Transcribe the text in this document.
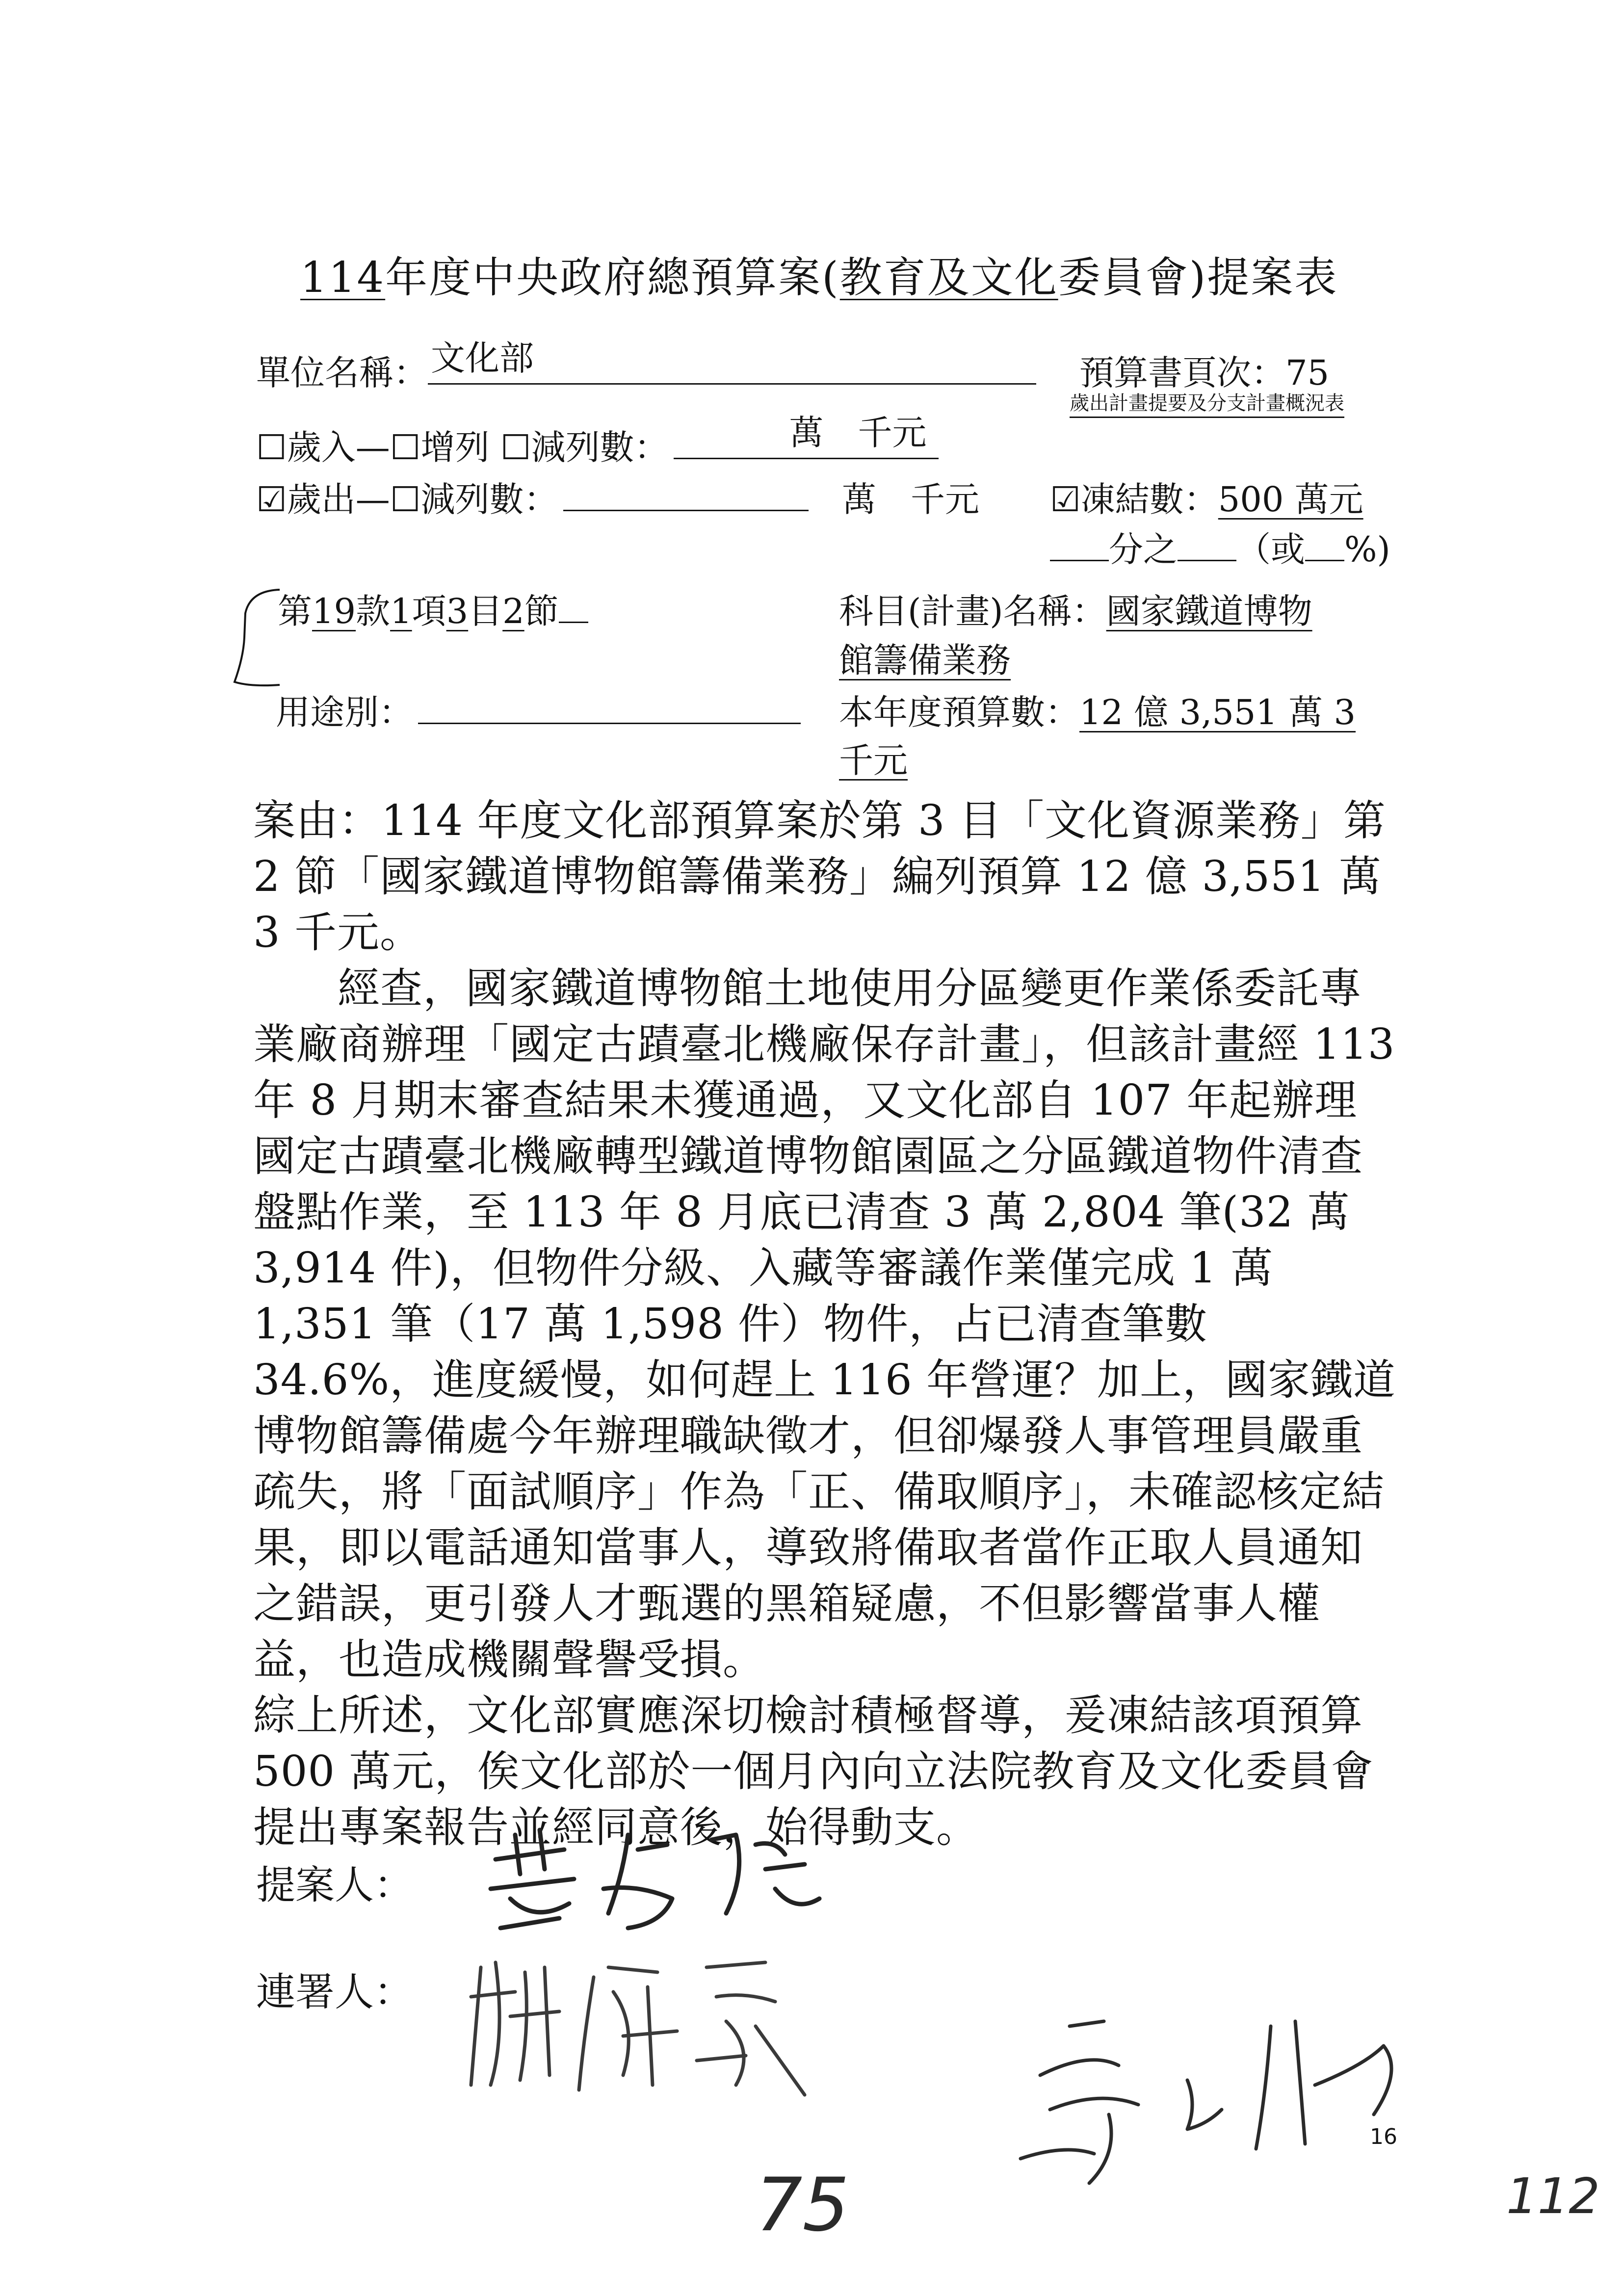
114年度中央政府總預算案(教育及文化委員會)提案表
單位名稱： 文化部	預算書頁次：75
歲出計畫提要及分支計畫概況表
☐歲入—☐增列 ☐減列數：	萬　千元
☑歲出—☐減列數：	萬　千元 ☑凍結數：500 萬元
分之 （或 %)
第19款1項3目2節	科目(計畫)名稱：國家鐵道博物
館籌備業務
用途別：	本年度預算數：12 億 3,551 萬 3
千元

案由：114 年度文化部預算案於第 3 目「文化資源業務」第 2 節「國家鐵道博物館籌備業務」編列預算 12 億 3,551 萬 3 千元。

經查，國家鐵道博物館土地使用分區變更作業係委託專業廠商辦理「國定古蹟臺北機廠保存計畫」，但該計畫經 113 年 8 月期末審查結果未獲通過，又文化部自 107 年起辦理國定古蹟臺北機廠轉型鐵道博物館園區之分區鐵道物件清查盤點作業，至 113 年 8 月底已清查 3 萬 2,804 筆(32 萬 3,914 件)，但物件分級、入藏等審議作業僅完成 1 萬 1,351 筆（17 萬 1,598 件）物件，占已清查筆數 34.6%，進度緩慢，如何趕上 116 年營運？加上，國家鐵道博物館籌備處今年辦理職缺徵才，但卻爆發人事管理員嚴重疏失，將「面試順序」作為「正、備取順序」，未確認核定結果，即以電話通知當事人，導致將備取者當作正取人員通知之錯誤，更引發人才甄選的黑箱疑慮，不但影響當事人權益，也造成機關聲譽受損。

綜上所述，文化部實應深切檢討積極督導，爰凍結該項預算 500 萬元，俟文化部於一個月內向立法院教育及文化委員會提出專案報告並經同意後，始得動支。

提案人：
連署人：
16
75	112
